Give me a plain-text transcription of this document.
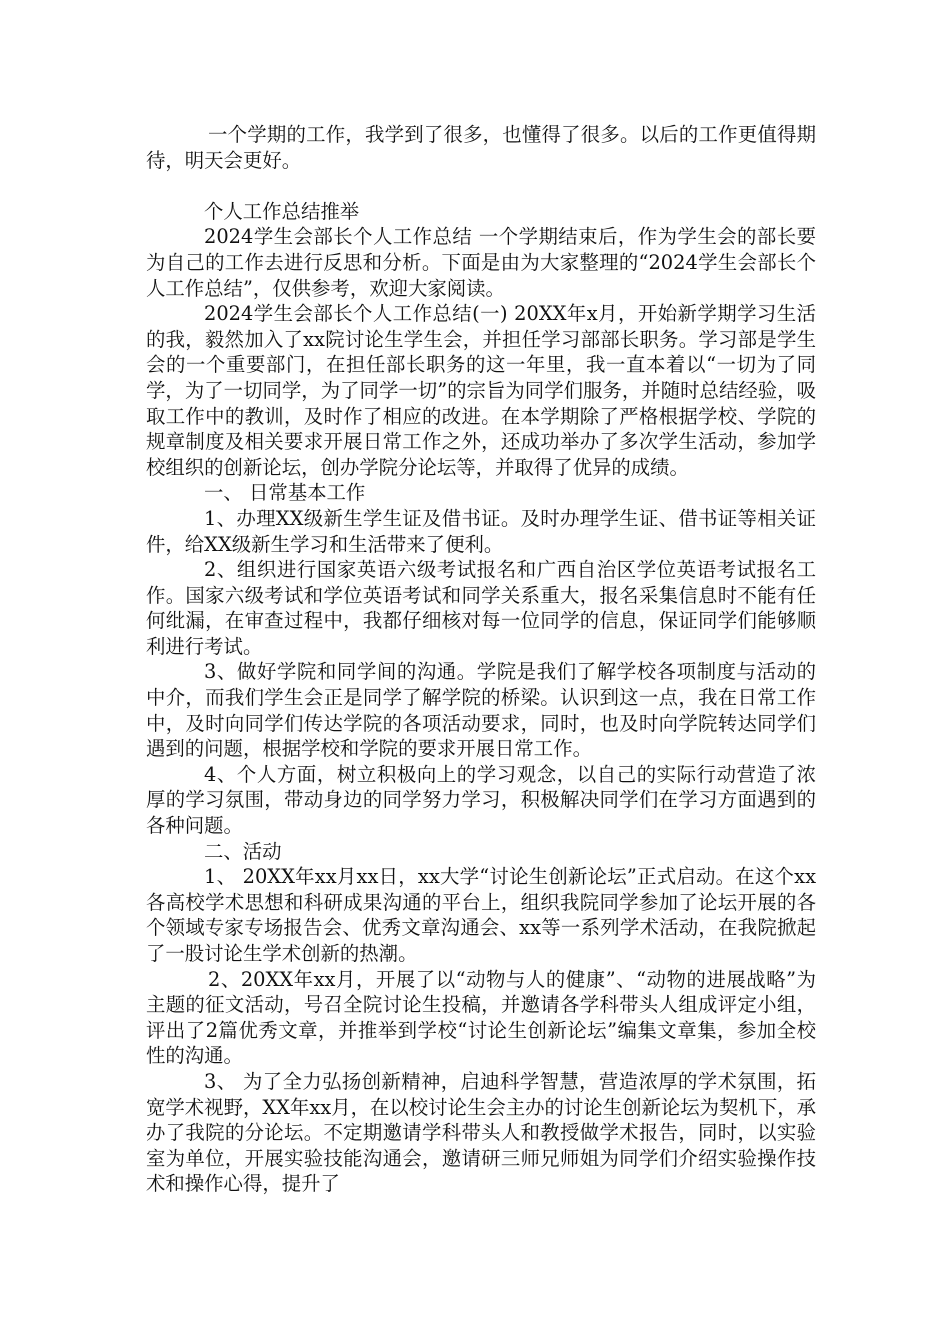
一个学期的工作，我学到了很多，也懂得了很多。以后的工作更值得期待，明天会更好。

个人工作总结推举

2024学生会部长个人工作总结 一个学期结束后，作为学生会的部长要为自己的工作去进行反思和分析。下面是由为大家整理的“2024学生会部长个人工作总结”，仅供参考，欢迎大家阅读。

2024学生会部长个人工作总结(一) 20XX年x月，开始新学期学习生活的我，毅然加入了xx院讨论生学生会，并担任学习部部长职务。学习部是学生会的一个重要部门，在担任部长职务的这一年里，我一直本着以“一切为了同学，为了一切同学，为了同学一切”的宗旨为同学们服务，并随时总结经验，吸取工作中的教训，及时作了相应的改进。在本学期除了严格根据学校、学院的规章制度及相关要求开展日常工作之外，还成功举办了多次学生活动，参加学校组织的创新论坛，创办学院分论坛等，并取得了优异的成绩。

一、 日常基本工作

1、办理XX级新生学生证及借书证。及时办理学生证、借书证等相关证件，给XX级新生学习和生活带来了便利。

2、组织进行国家英语六级考试报名和广西自治区学位英语考试报名工作。国家六级考试和学位英语考试和同学关系重大，报名采集信息时不能有任何纰漏，在审查过程中，我都仔细核对每一位同学的信息，保证同学们能够顺利进行考试。

3、做好学院和同学间的沟通。学院是我们了解学校各项制度与活动的中介，而我们学生会正是同学了解学院的桥梁。认识到这一点，我在日常工作中，及时向同学们传达学院的各项活动要求，同时，也及时向学院转达同学们遇到的问题，根据学校和学院的要求开展日常工作。

4、个人方面，树立积极向上的学习观念，以自己的实际行动营造了浓厚的学习氛围，带动身边的同学努力学习，积极解决同学们在学习方面遇到的各种问题。

二、活动

1、 20XX年xx月xx日，xx大学“讨论生创新论坛”正式启动。在这个xx各高校学术思想和科研成果沟通的平台上，组织我院同学参加了论坛开展的各个领域专家专场报告会、优秀文章沟通会、xx等一系列学术活动，在我院掀起了一股讨论生学术创新的热潮。

2、20XX年xx月，开展了以“动物与人的健康”、“动物的进展战略”为主题的征文活动，号召全院讨论生投稿，并邀请各学科带头人组成评定小组，评出了2篇优秀文章，并推举到学校“讨论生创新论坛”编集文章集，参加全校性的沟通。

3、 为了全力弘扬创新精神，启迪科学智慧，营造浓厚的学术氛围，拓宽学术视野，XX年xx月，在以校讨论生会主办的讨论生创新论坛为契机下，承办了我院的分论坛。不定期邀请学科带头人和教授做学术报告，同时，以实验室为单位，开展实验技能沟通会，邀请研三师兄师姐为同学们介绍实验操作技术和操作心得，提升了
